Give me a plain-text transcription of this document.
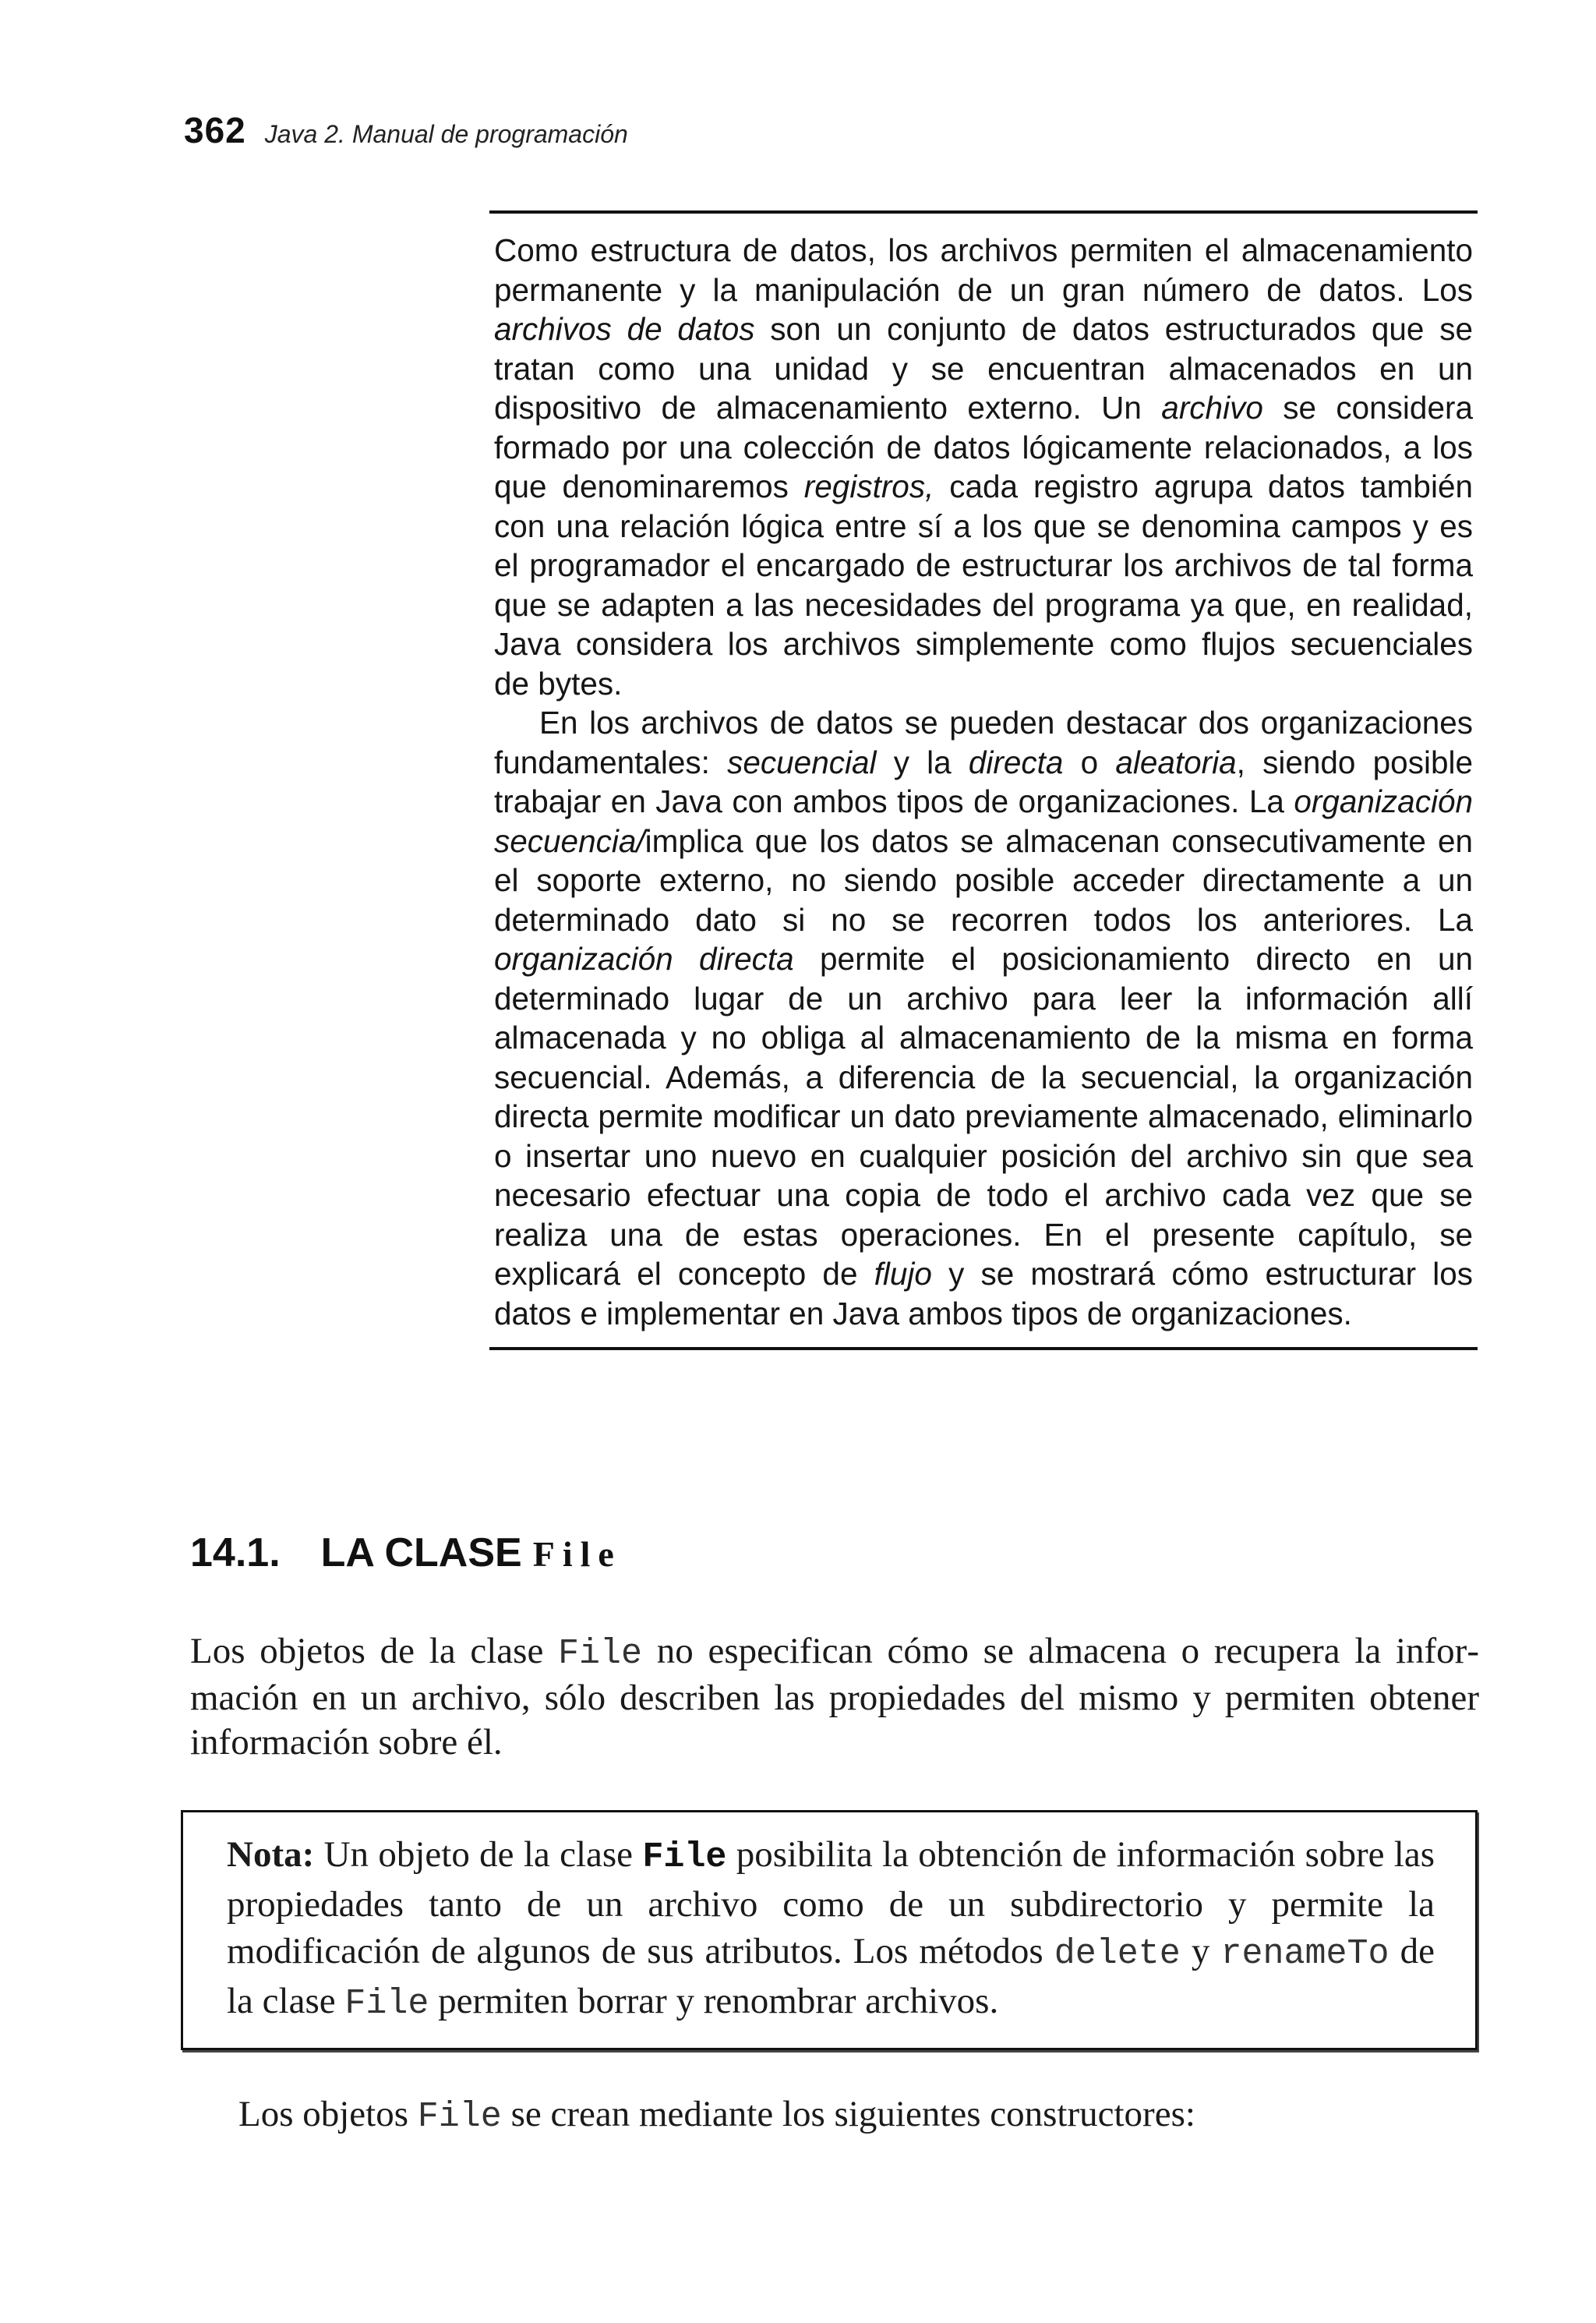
362 Java 2. Manual de programación

Como estructura de datos, los archivos permiten el almacenamiento permanente y la manipulación de un gran número de datos. Los archivos de datos son un conjunto de datos estructurados que se tratan como una unidad y se encuentran almacenados en un dispositivo de almacenamiento externo. Un archivo se considera formado por una colección de datos lógicamente relacionados, a los que denominaremos registros, cada registro agrupa datos también con una relación lógica entre sí a los que se denomina campos y es el programador el encargado de estructurar los archivos de tal forma que se adapten a las necesidades del programa ya que, en realidad, Java considera los archivos simplemente como flujos secuenciales de bytes.

En los archivos de datos se pueden destacar dos organizaciones fundamentales: secuencial y la directa o aleatoria, siendo posible trabajar en Java con ambos tipos de organizaciones. La organización secuencia/implica que los datos se almacenan consecutivamente en el soporte externo, no siendo posible acceder directamente a un determinado dato si no se recorren todos los anteriores. La organización directa permite el posicionamiento directo en un determinado lugar de un archivo para leer la información allí almacenada y no obliga al almacenamiento de la misma en forma secuencial. Además, a diferencia de la secuencial, la organización directa permite modificar un dato previamente almacenado, eliminarlo o insertar uno nuevo en cualquier posición del archivo sin que sea necesario efectuar una copia de todo el archivo cada vez que se realiza una de estas operaciones. En el presente capítulo, se explicará el concepto de flujo y se mostrará cómo estructurar los datos e implementar en Java ambos tipos de organizaciones.

14.1. LA CLASE File

Los objetos de la clase File no especifican cómo se almacena o recupera la información en un archivo, sólo describen las propiedades del mismo y permiten obtener información sobre él.

Nota: Un objeto de la clase File posibilita la obtención de información sobre las propiedades tanto de un archivo como de un subdirectorio y permite la modificación de algunos de sus atributos. Los métodos delete y renameTo de la clase File permiten borrar y renombrar archivos.

Los objetos File se crean mediante los siguientes constructores:
